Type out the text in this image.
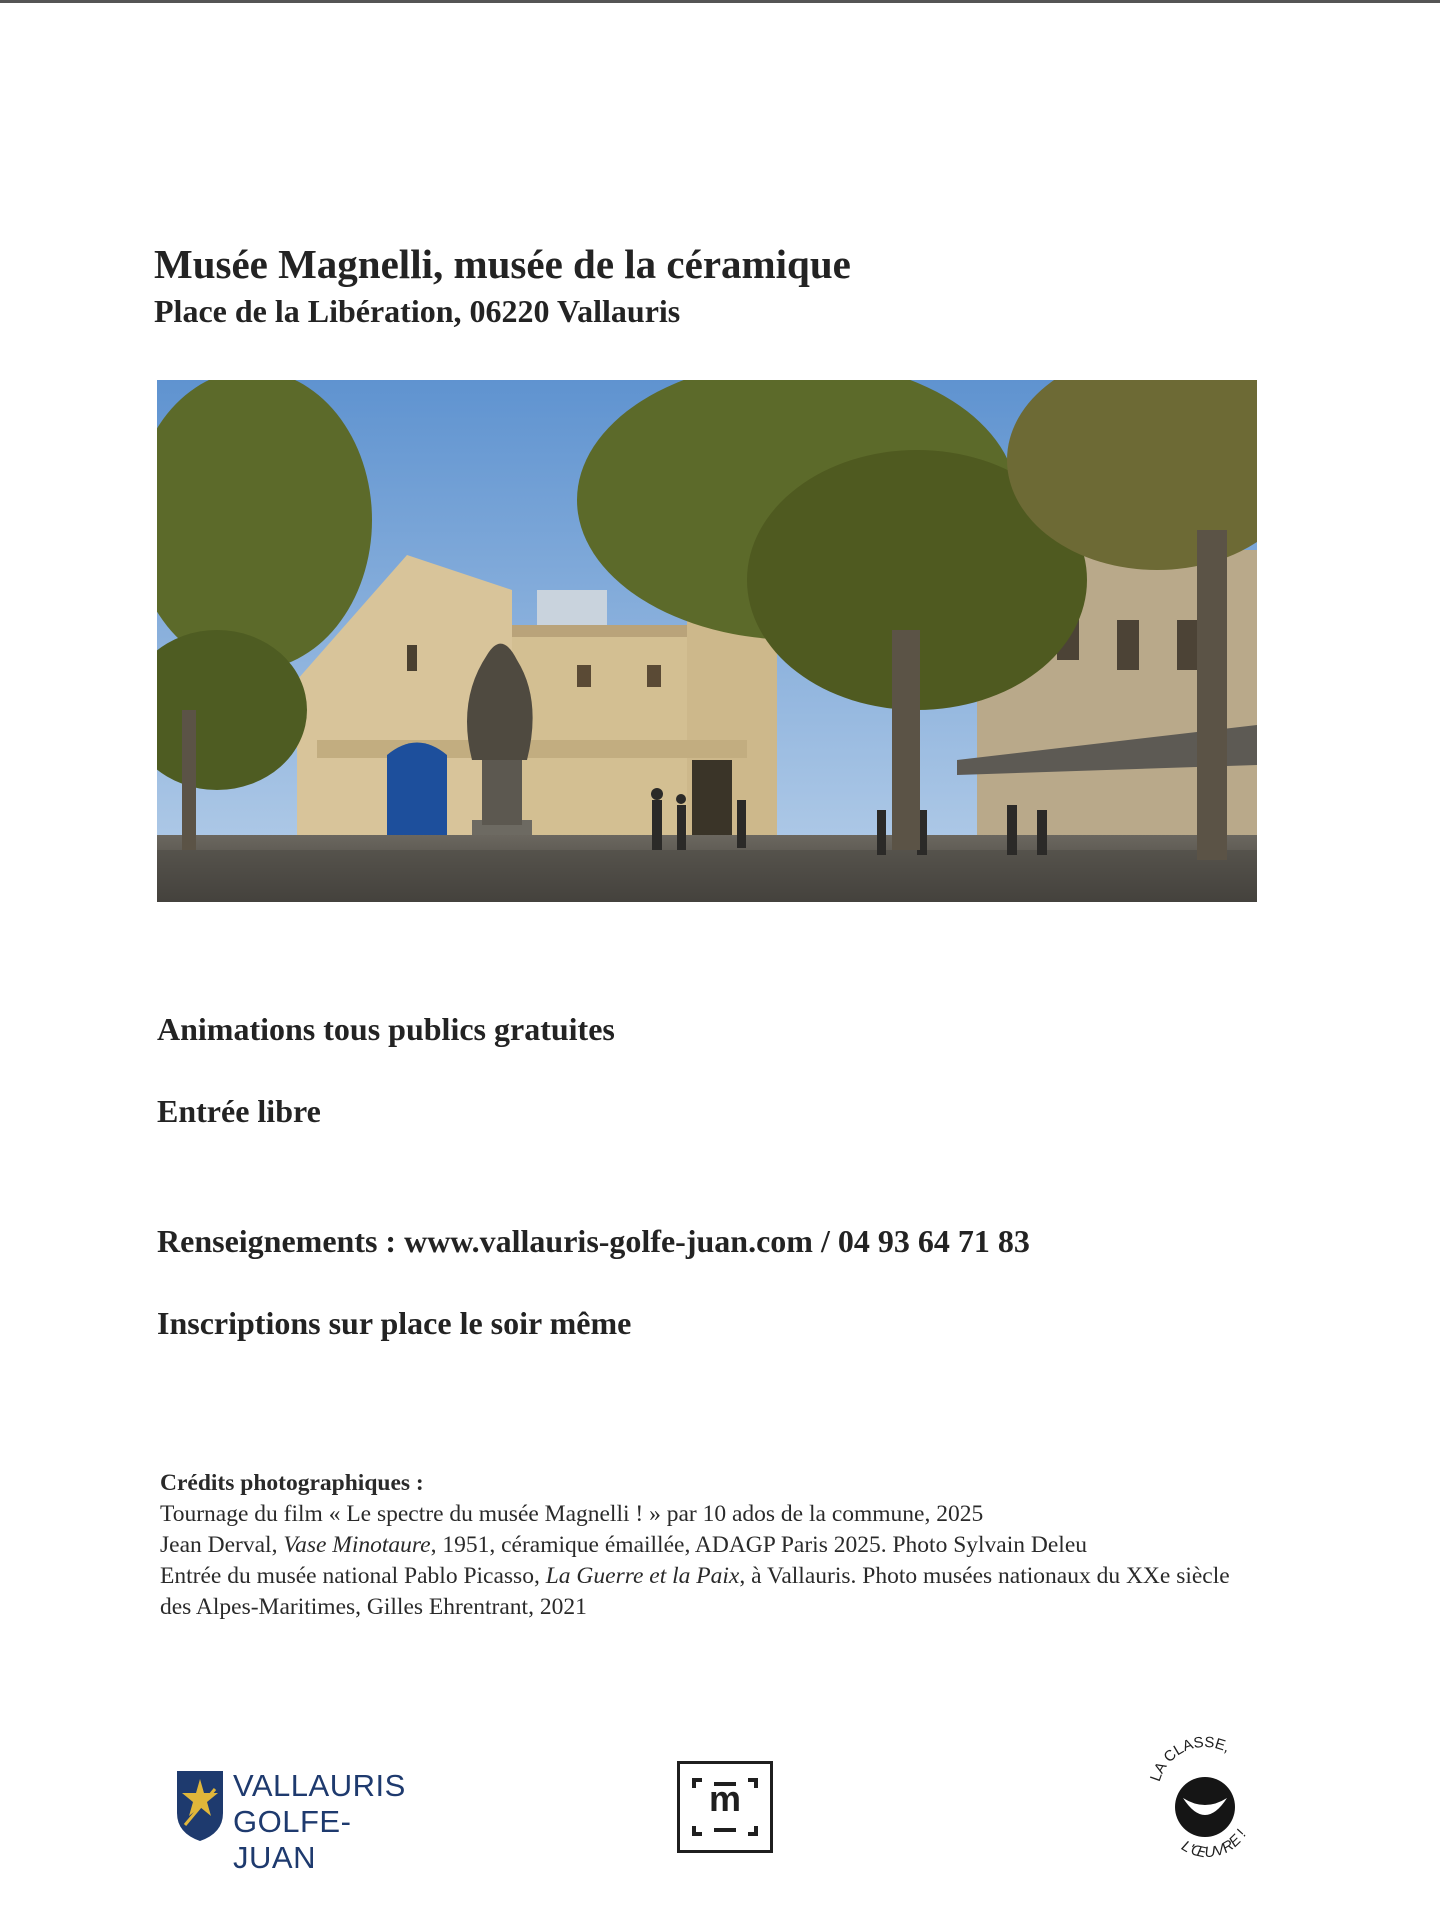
Musée Magnelli, musée de la céramique
Place de la Libération, 06220 Vallauris
Animations tous publics gratuites
Entrée libre
Renseignements : www.vallauris-golfe-juan.com / 04 93 64 71 83
Inscriptions sur place le soir même

Crédits photographiques :

Tournage du film « Le spectre du musée Magnelli ! » par 10 ados de la commune, 2025

Jean Derval, Vase Minotaure, 1951, céramique émaillée, ADAGP Paris 2025. Photo Sylvain Deleu

Entrée du musée national Pablo Picasso, La Guerre et la Paix, à Vallauris. Photo musées nationaux du XXe siècle des Alpes-Maritimes, Gilles Ehrentrant, 2021

VALLAURIS
GOLFE-JUAN
m
LA CLASSE,
L'ŒUVRE !
